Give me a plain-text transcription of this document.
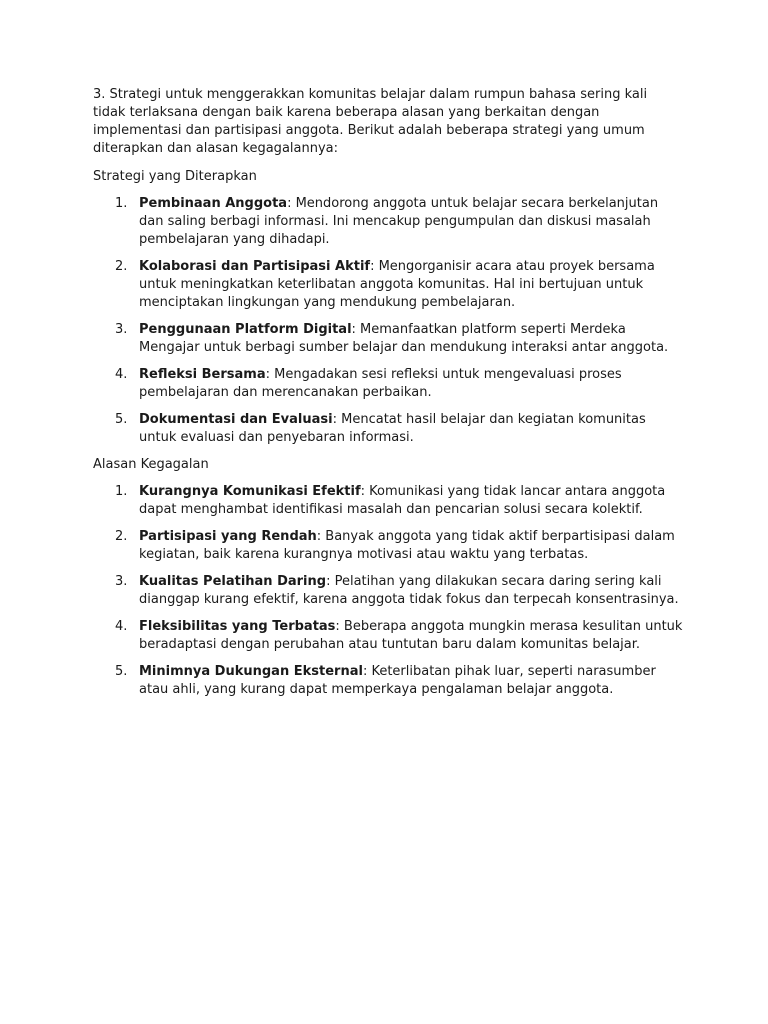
3. Strategi untuk menggerakkan komunitas belajar dalam rumpun bahasa sering kali tidak terlaksana dengan baik karena beberapa alasan yang berkaitan dengan implementasi dan partisipasi anggota. Berikut adalah beberapa strategi yang umum diterapkan dan alasan kegagalannya:

Strategi yang Diterapkan

1. Pembinaan Anggota: Mendorong anggota untuk belajar secara berkelanjutan dan saling berbagi informasi. Ini mencakup pengumpulan dan diskusi masalah pembelajaran yang dihadapi.
2. Kolaborasi dan Partisipasi Aktif: Mengorganisir acara atau proyek bersama untuk meningkatkan keterlibatan anggota komunitas. Hal ini bertujuan untuk menciptakan lingkungan yang mendukung pembelajaran.
3. Penggunaan Platform Digital: Memanfaatkan platform seperti Merdeka Mengajar untuk berbagi sumber belajar dan mendukung interaksi antar anggota.
4. Refleksi Bersama: Mengadakan sesi refleksi untuk mengevaluasi proses pembelajaran dan merencanakan perbaikan.
5. Dokumentasi dan Evaluasi: Mencatat hasil belajar dan kegiatan komunitas untuk evaluasi dan penyebaran informasi.

Alasan Kegagalan

1. Kurangnya Komunikasi Efektif: Komunikasi yang tidak lancar antara anggota dapat menghambat identifikasi masalah dan pencarian solusi secara kolektif.
2. Partisipasi yang Rendah: Banyak anggota yang tidak aktif berpartisipasi dalam kegiatan, baik karena kurangnya motivasi atau waktu yang terbatas.
3. Kualitas Pelatihan Daring: Pelatihan yang dilakukan secara daring sering kali dianggap kurang efektif, karena anggota tidak fokus dan terpecah konsentrasinya.
4. Fleksibilitas yang Terbatas: Beberapa anggota mungkin merasa kesulitan untuk beradaptasi dengan perubahan atau tuntutan baru dalam komunitas belajar.
5. Minimnya Dukungan Eksternal: Keterlibatan pihak luar, seperti narasumber atau ahli, yang kurang dapat memperkaya pengalaman belajar anggota.
